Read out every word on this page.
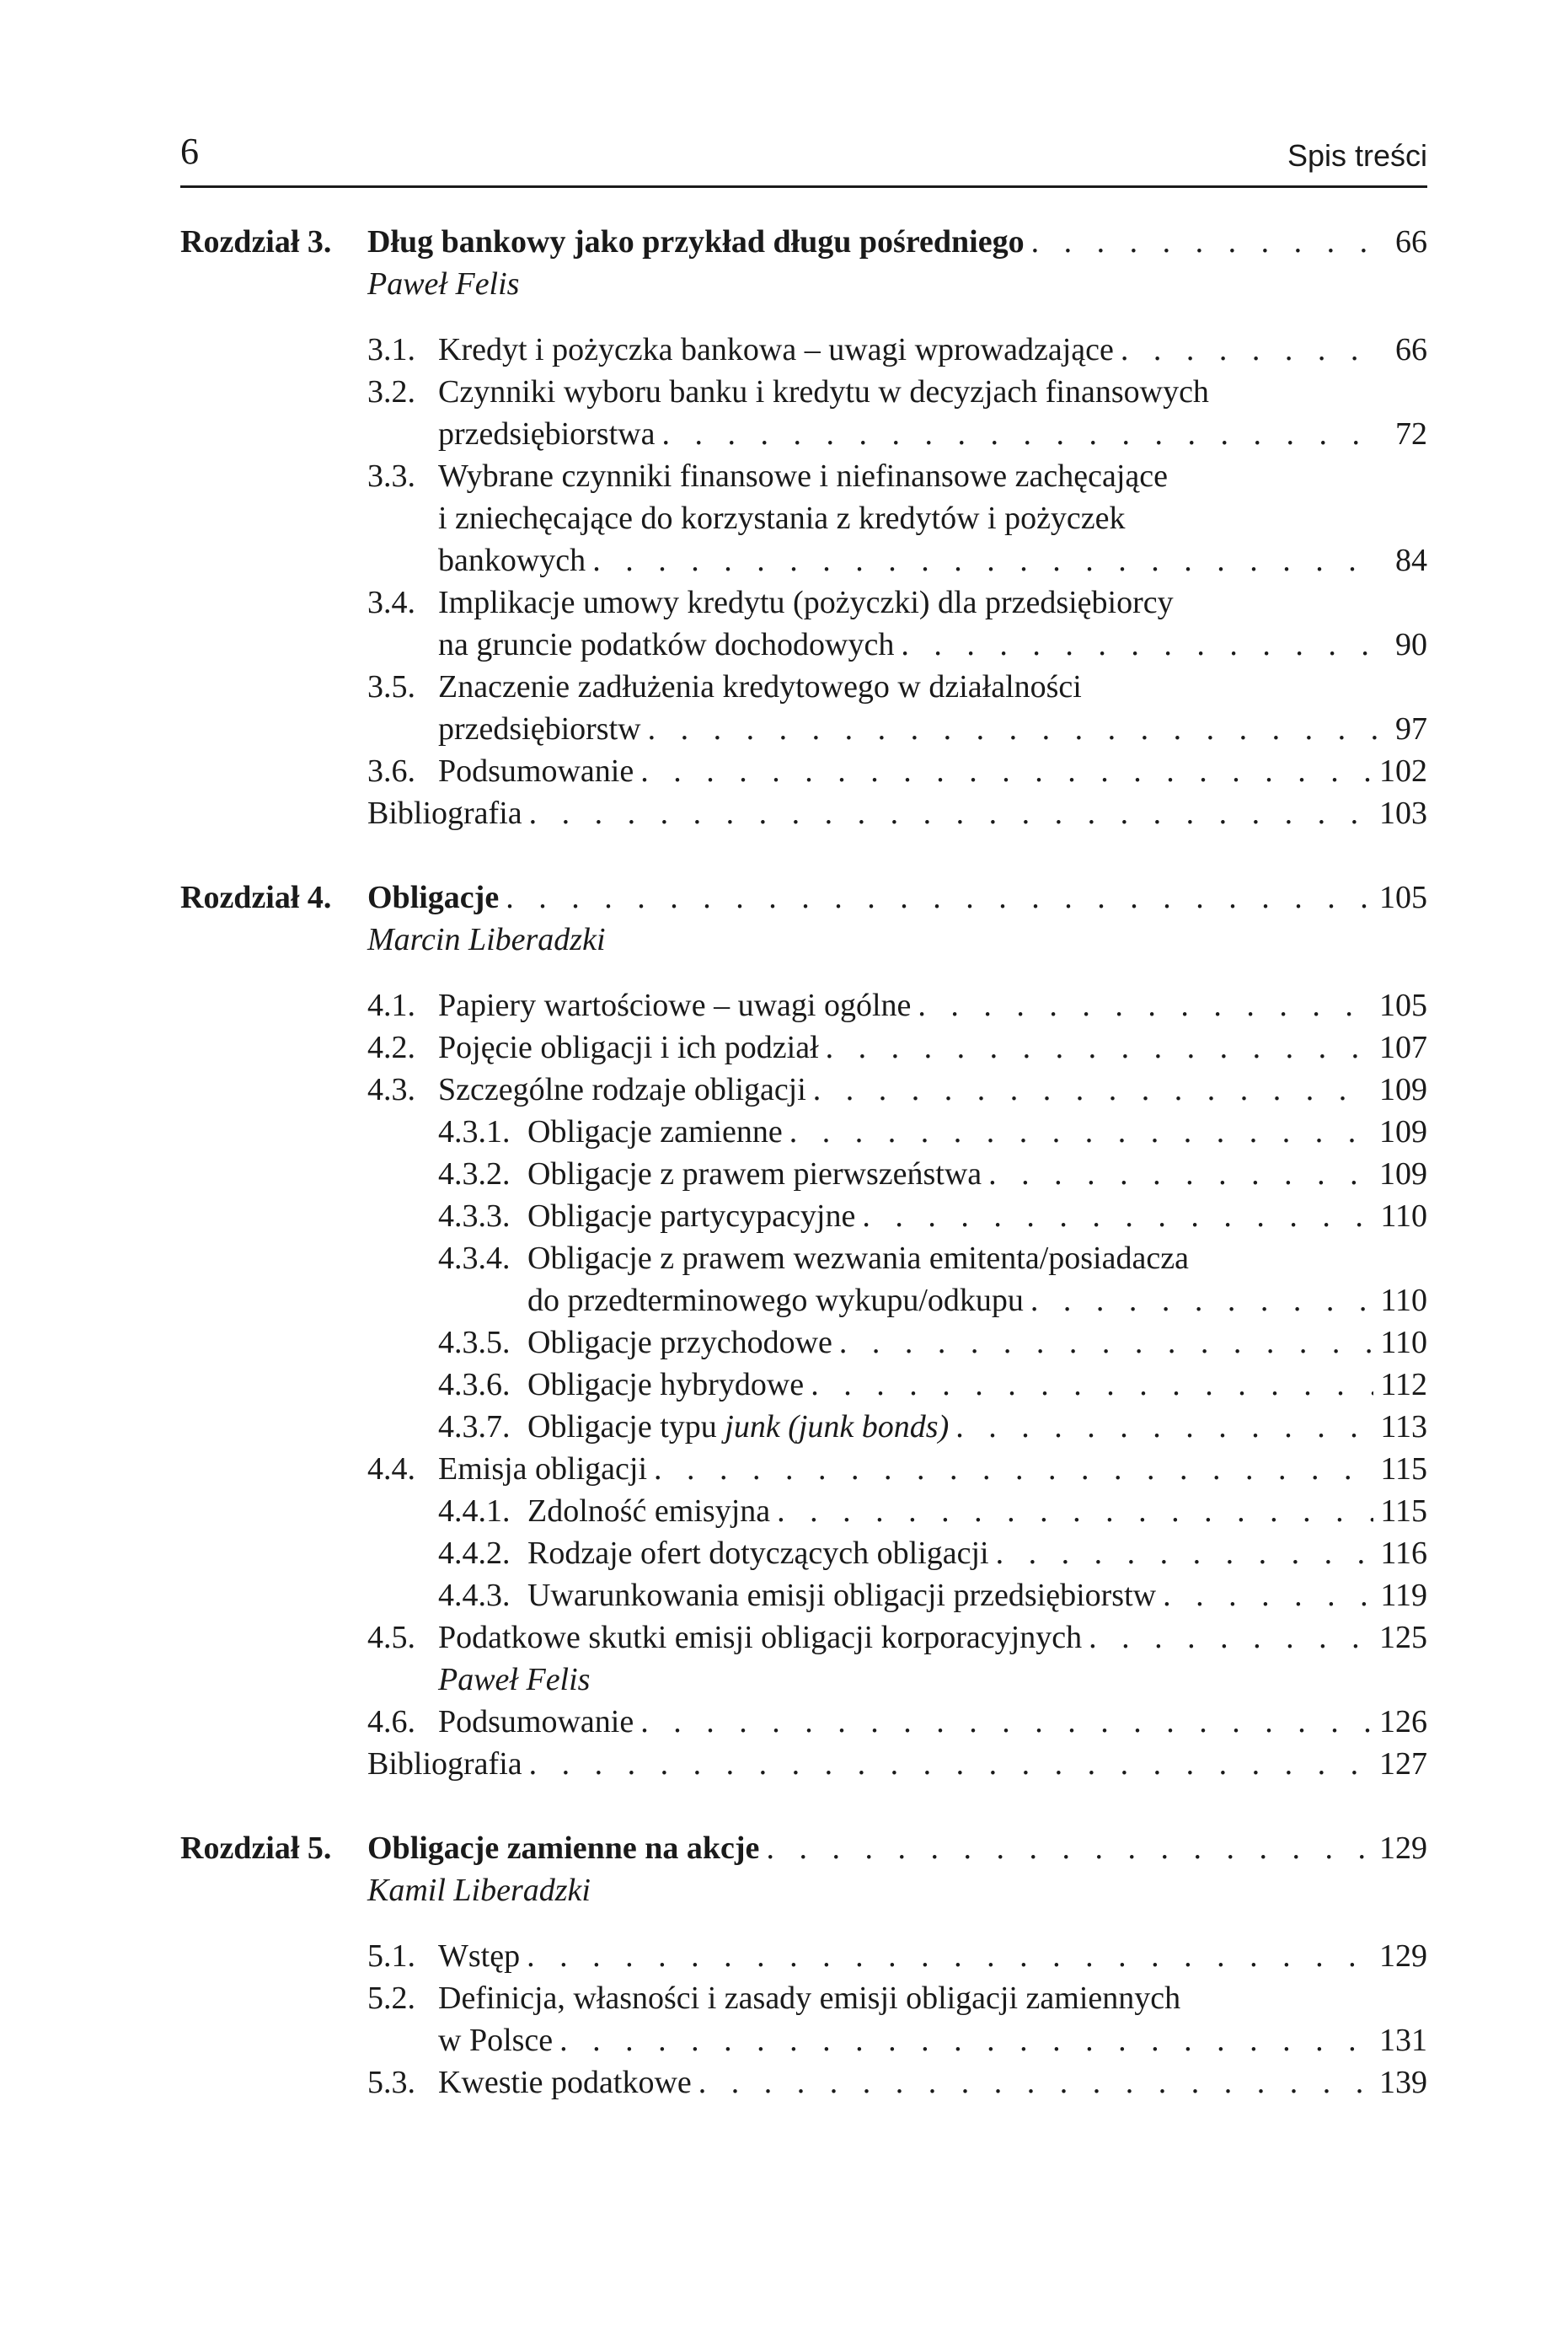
6	Spis treści
Rozdział 3.	Dług bankowy jako przykład długu pośredniego . . .	66
Paweł Felis
3.1. Kredyt i pożyczka bankowa – uwagi wprowadzające . . .	66
3.2. Czynniki wyboru banku i kredytu w decyzjach finansowych
przedsiębiorstwa . . .	72
3.3. Wybrane czynniki finansowe i niefinansowe zachęcające
i zniechęcające do korzystania z kredytów i pożyczek
bankowych . . .	84
3.4. Implikacje umowy kredytu (pożyczki) dla przedsiębiorcy
na gruncie podatków dochodowych . . .	90
3.5. Znaczenie zadłużenia kredytowego w działalności
przedsiębiorstw . . .	97
3.6. Podsumowanie . . .	102
Bibliografia . . .	103
Rozdział 4.	Obligacje . . .	105
Marcin Liberadzki
4.1. Papiery wartościowe – uwagi ogólne . . .	105
4.2. Pojęcie obligacji i ich podział . . .	107
4.3. Szczególne rodzaje obligacji . . .	109
4.3.1. Obligacje zamienne . . .	109
4.3.2. Obligacje z prawem pierwszeństwa . . .	109
4.3.3. Obligacje partycypacyjne . . .	110
4.3.4. Obligacje z prawem wezwania emitenta/posiadacza
do przedterminowego wykupu/odkupu . . .	110
4.3.5. Obligacje przychodowe . . .	110
4.3.6. Obligacje hybrydowe . . .	112
4.3.7. Obligacje typu junk (junk bonds) . . .	113
4.4. Emisja obligacji . . .	115
4.4.1. Zdolność emisyjna . . .	115
4.4.2. Rodzaje ofert dotyczących obligacji . . .	116
4.4.3. Uwarunkowania emisji obligacji przedsiębiorstw . . .	119
4.5. Podatkowe skutki emisji obligacji korporacyjnych . . .	125
Paweł Felis
4.6. Podsumowanie . . .	126
Bibliografia . . .	127
Rozdział 5.	Obligacje zamienne na akcje . . .	129
Kamil Liberadzki
5.1. Wstęp . . .	129
5.2. Definicja, własności i zasady emisji obligacji zamiennych
w Polsce . . .	131
5.3. Kwestie podatkowe . . .	139
